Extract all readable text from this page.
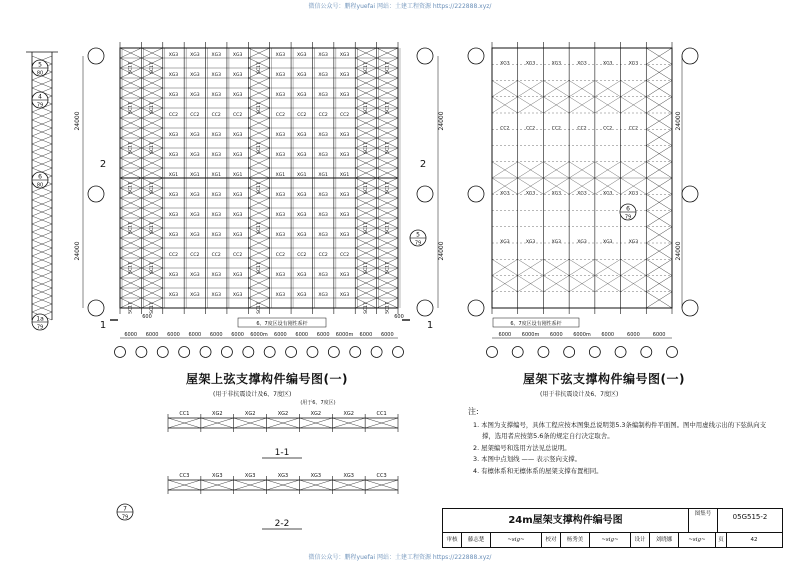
微信公众号：鹏程yuefai 网站：土建工程资源 https://222888.xyz/
微信公众号：鹏程yuefai 网站：土建工程资源 https://222888.xyz/
XG3
XG3
XG3
CC2
XG3
XG3
XG1
XG3
XG3
XG3
CC2
XG3
XG3
XG3
XG3
XG3
CC2
XG3
XG3
XG1
XG3
XG3
XG3
CC2
XG3
XG3
XG3
XG3
XG3
CC2
XG3
XG3
XG1
XG3
XG3
XG3
CC2
XG3
XG3
XG3
XG3
XG3
CC2
XG3
XG3
XG1
XG3
XG3
XG3
CC2
XG3
XG3
XG3
XG3
XG3
CC2
XG3
XG3
XG1
XG3
XG3
XG3
CC2
XG3
XG3
XG3
XG3
XG3
CC2
XG3
XG3
XG1
XG3
XG3
XG3
CC2
XG3
XG3
XG3
XG3
XG3
CC2
XG3
XG3
XG1
XG3
XG3
XG3
CC2
XG3
XG3
XG3
XG3
XG3
CC2
XG3
XG3
XG1
XG3
XG3
XG3
CC2
XG3
XG3
SC17
SC17
SC17
SC17
SC17
SC17
SC17
SC17
SC17
SC17
SC17
SC17
SC17
SC17
SC17
SC17
SC17
SC17
SC17
SC17
SC17
SC17
SC17
SC17
SC17
SC17
SC17
SC17
SC17
SC17
SC17
SC17
SC17
SC17
SC17
24000
24000
24000
24000
2	2
1	1
6、7度区设有刚性系杆
600	600
6000 6000 6000 6000 6000 6000 6000m 6000 6000 6000 6000m 6000 6000
XG3
CC2
XG3
XG3
XG3
CC2
XG3
XG3
XG3
CC2
XG3
XG3
XG3
CC2
XG3
XG3
XG3
CC2
XG3
XG3
XG3
CC2
XG3
XG3
24000
24000
6、7度区设有刚性系杆
6000 6000m 6000 6000m 6000	6000	6000
CC1	XG2	XG2	XG2	XG2	XG2	CC1
1-1
(用于6、7度区)
CC3	XG3	XG3	XG3	XG3	XG3	CC3
2-2
7
79
6
79
5
79
5
80
4
79
6
80
1a
79
屋架上弦支撑构件编号图(一)
(用于非抗震设计及6、7度区)
屋架下弦支撑构件编号图(一)
(用于非抗震设计及6、7度区)
注:
1. 本图为支撑编号，具体工程应按本图集总说明第5.3条编制构件平面图。图中用虚线示出的下弦纵向支撑，选用者应按第5.6条的规定自行决定取舍。
2. 屋架编号和选用方法见总说明。
3. 本图中点划线 —— 表示竖向支撑。
4. 有檩体系和无檩体系的屋架支撑布置相同。
24m屋架支撑构件编号图
图集号	05G515-2
审核	藤志楚	~sig~	校对	杨秀美	~sig~	设计	刘晓娜	~sig~	页	42
